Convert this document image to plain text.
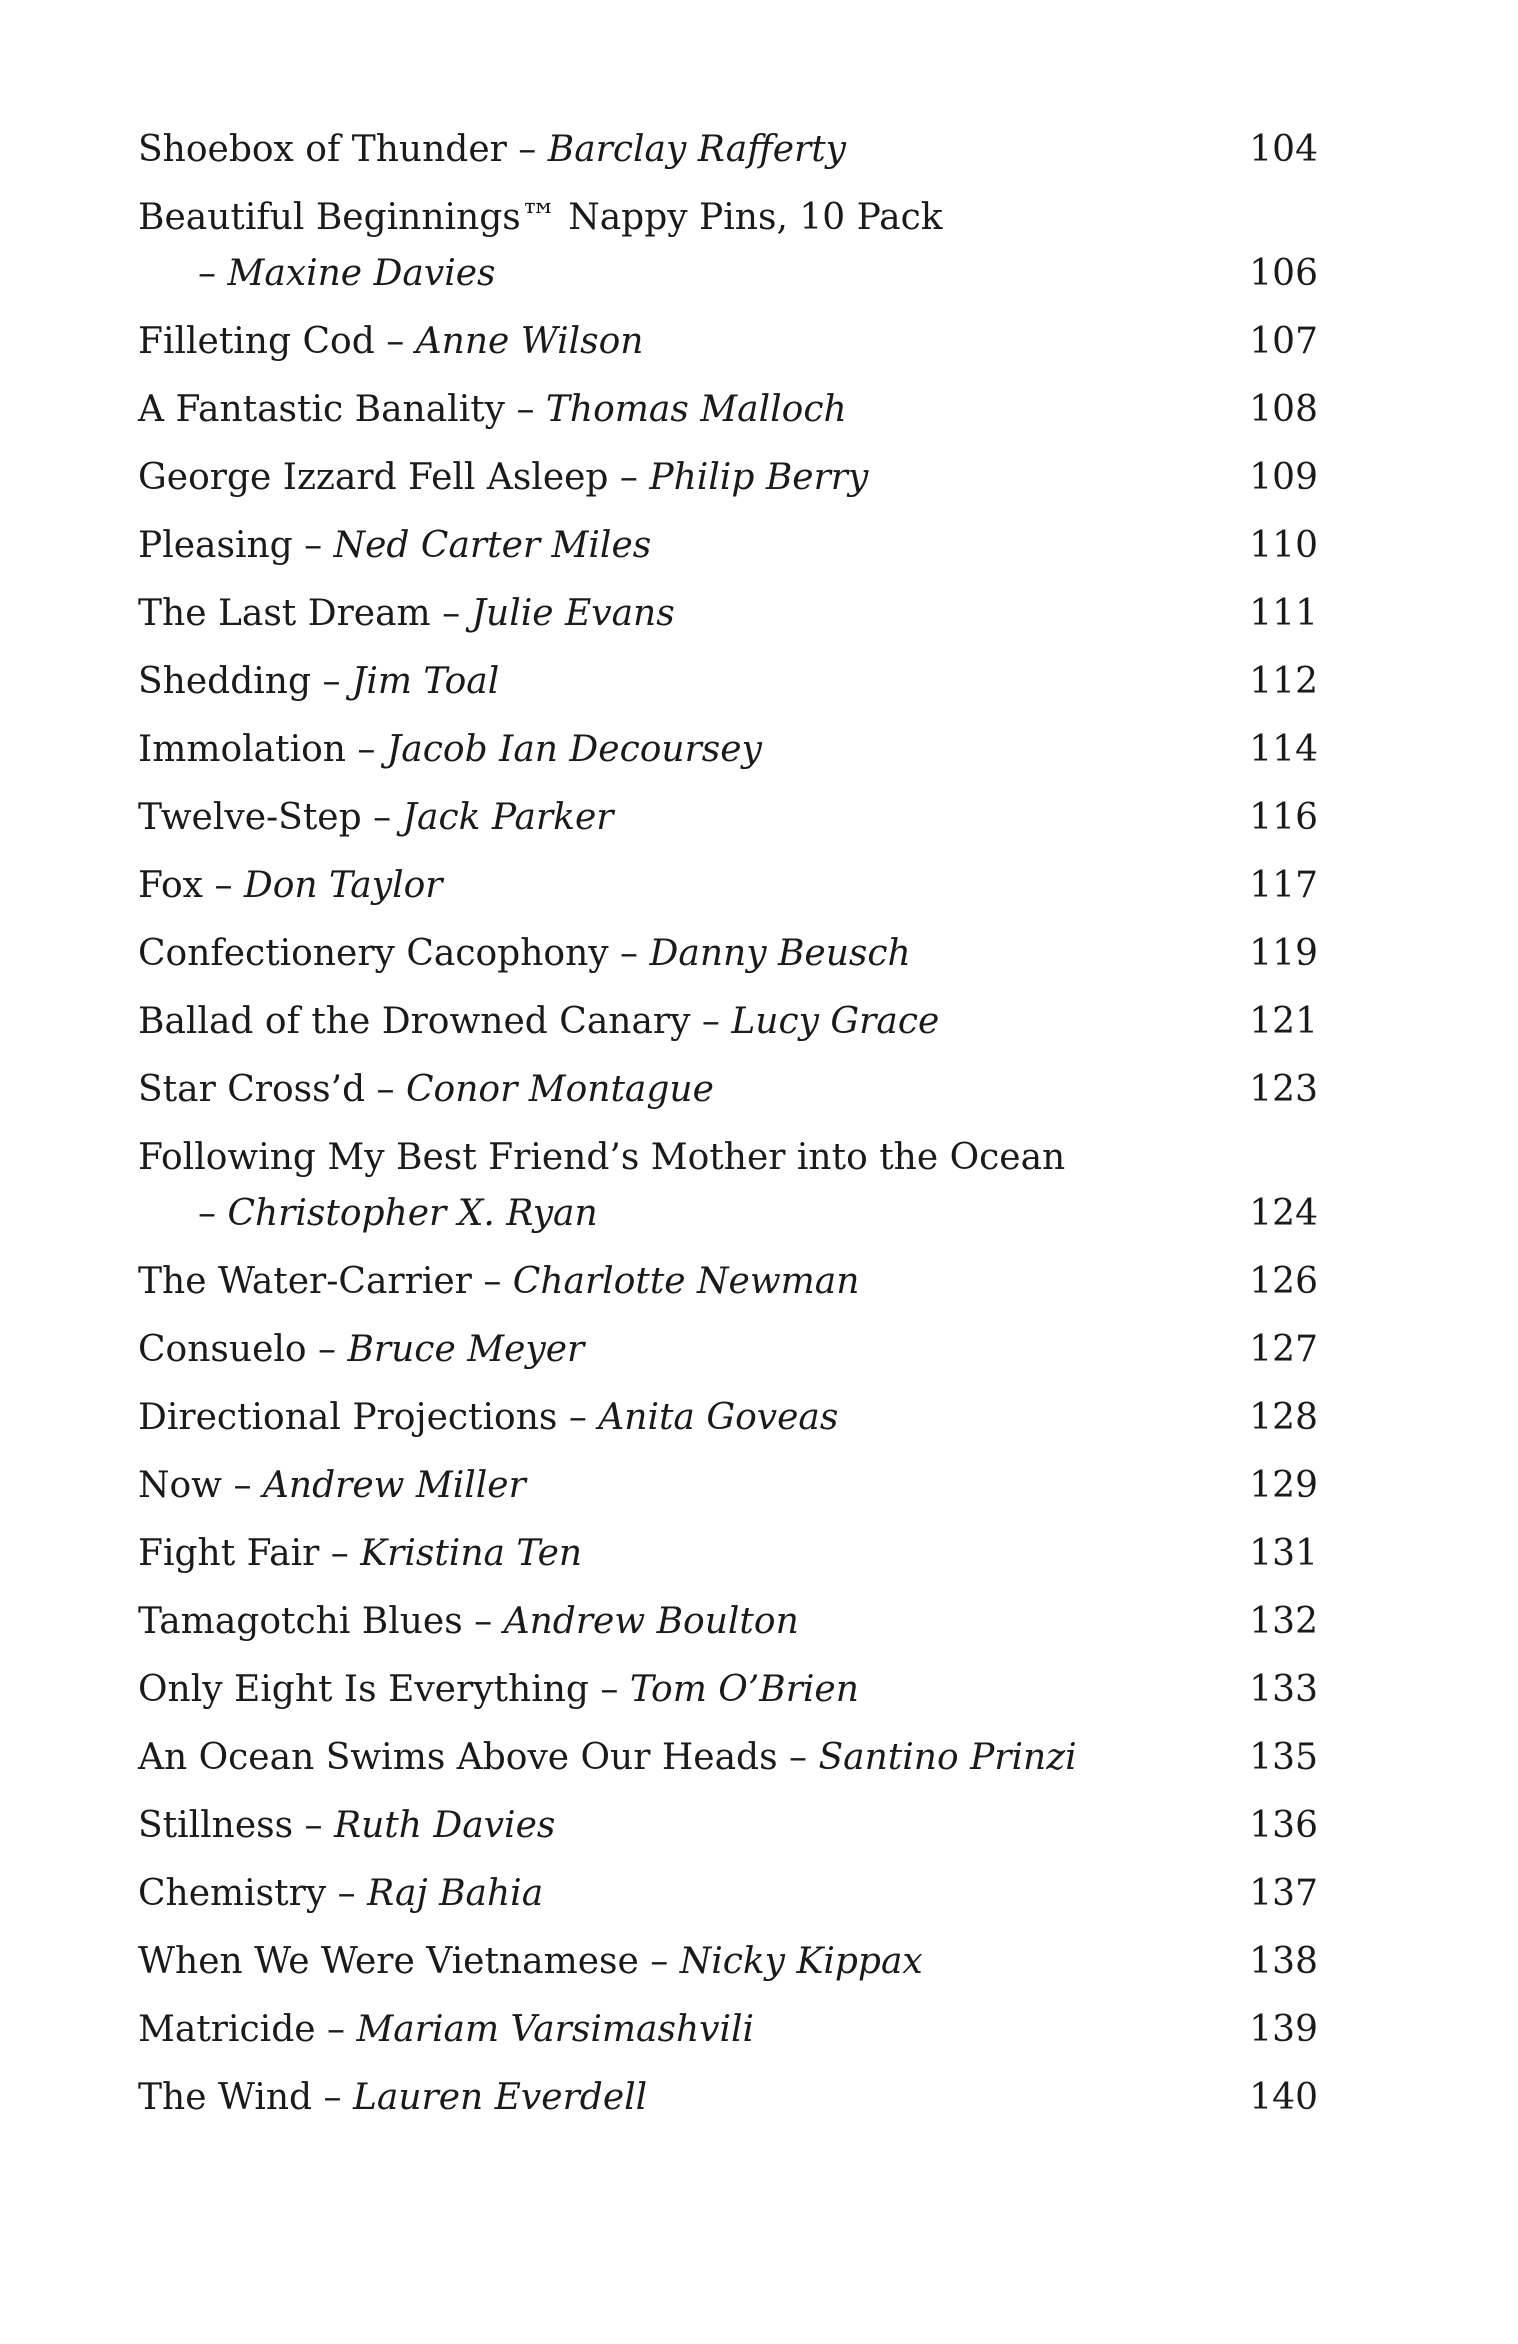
Shoebox of Thunder – Barclay Rafferty	104
Beautiful Beginnings™ Nappy Pins, 10 Pack
– Maxine Davies	106
Filleting Cod – Anne Wilson	107
A Fantastic Banality – Thomas Malloch	108
George Izzard Fell Asleep – Philip Berry	109
Pleasing – Ned Carter Miles	110
The Last Dream – Julie Evans	111
Shedding – Jim Toal	112
Immolation – Jacob Ian Decoursey	114
Twelve-Step – Jack Parker	116
Fox – Don Taylor	117
Confectionery Cacophony – Danny Beusch	119
Ballad of the Drowned Canary – Lucy Grace	121
Star Cross’d – Conor Montague	123
Following My Best Friend’s Mother into the Ocean
– Christopher X. Ryan	124
The Water-Carrier – Charlotte Newman	126
Consuelo – Bruce Meyer	127
Directional Projections – Anita Goveas	128
Now – Andrew Miller	129
Fight Fair – Kristina Ten	131
Tamagotchi Blues – Andrew Boulton	132
Only Eight Is Everything – Tom O’Brien	133
An Ocean Swims Above Our Heads – Santino Prinzi	135
Stillness – Ruth Davies	136
Chemistry – Raj Bahia	137
When We Were Vietnamese – Nicky Kippax	138
Matricide – Mariam Varsimashvili	139
The Wind – Lauren Everdell	140
